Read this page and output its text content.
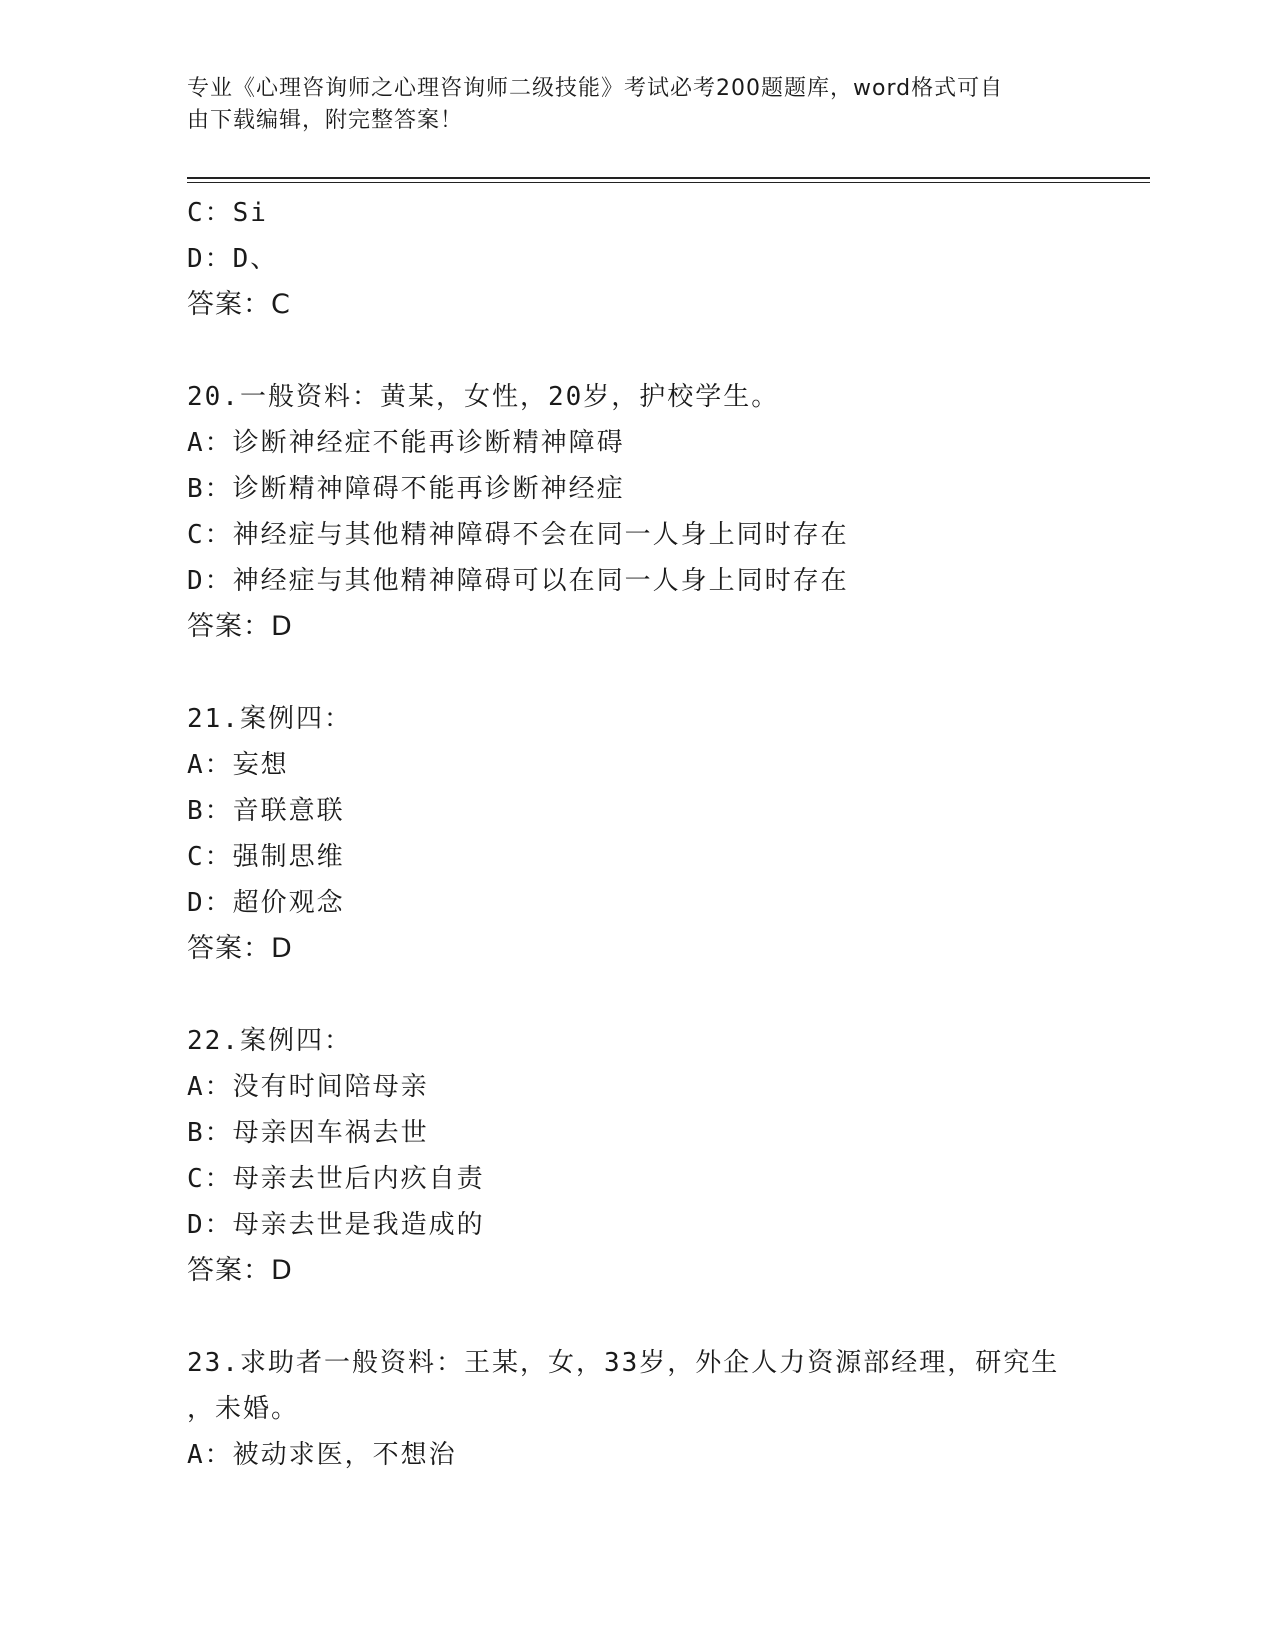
专业《心理咨询师之心理咨询师二级技能》考试必考200题题库，word格式可自
由下载编辑，附完整答案！
C：Si
D：D、
答案：C
20.一般资料：黄某，女性，20岁，护校学生。
A：诊断神经症不能再诊断精神障碍
B：诊断精神障碍不能再诊断神经症
C：神经症与其他精神障碍不会在同一人身上同时存在
D：神经症与其他精神障碍可以在同一人身上同时存在
答案：D
21.案例四：
A：妄想
B：音联意联
C：强制思维
D：超价观念
答案：D
22.案例四：
A：没有时间陪母亲
B：母亲因车祸去世
C：母亲去世后内疚自责
D：母亲去世是我造成的
答案：D
23.求助者一般资料：王某，女，33岁，外企人力资源部经理，研究生
，未婚。
A：被动求医，不想治
